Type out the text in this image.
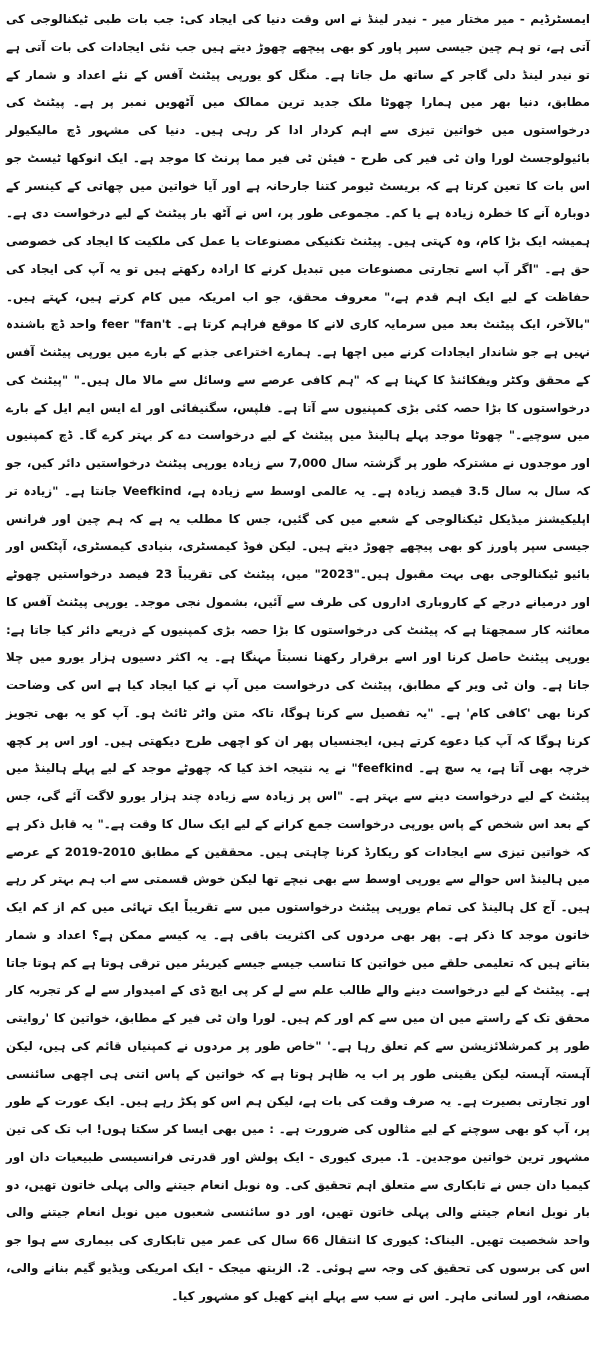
ایمسٹرڈیم - میر مختار میر - نیدر لینڈ نے اس وقت دنیا کی ایجاد کی: جب بات طبی ٹیکنالوجی کی آتی ہے، تو ہم چین جیسی سپر پاور کو بھی پیچھے چھوڑ دیتے ہیں جب نئی ایجادات کی بات آتی ہے تو نیدر لینڈ دلی گاجر کے ساتھ مل جاتا ہے۔ منگل کو یورپی پیٹنٹ آفس کے نئے اعداد و شمار کے مطابق، دنیا بھر میں ہمارا چھوٹا ملک جدید ترین ممالک میں آٹھویں نمبر پر ہے۔ پیٹنٹ کی درخواستوں میں خواتین تیزی سے اہم کردار ادا کر رہی ہیں۔ دنیا کی مشہور ڈچ مالیکیولر بائیولوجسٹ لورا وان ٹی فیر کی طرح - فیئن ٹی فیر مما پرنٹ کا موجد ہے۔ ایک انوکھا ٹیسٹ جو اس بات کا تعین کرتا ہے کہ بریسٹ ٹیومر کتنا جارحانہ ہے اور آیا خواتین میں چھاتی کے کینسر کے دوبارہ آنے کا خطرہ زیادہ ہے یا کم۔ مجموعی طور پر، اس نے آٹھ بار پیٹنٹ کے لیے درخواست دی ہے۔ ہمیشہ ایک بڑا کام، وہ کہتی ہیں۔ پیٹنٹ تکنیکی مصنوعات یا عمل کی ملکیت کا ایجاد کی خصوصی حق ہے۔ "اگر آپ اسے تجارتی مصنوعات میں تبدیل کرنے کا ارادہ رکھتے ہیں تو یہ آپ کی ایجاد کی حفاظت کے لیے ایک اہم قدم ہے،" معروف محقق، جو اب امریکہ میں کام کرتے ہیں، کہتے ہیں۔ "بالآخر، ایک پیٹنٹ بعد میں سرمایہ کاری لانے کا موقع فراہم کرتا ہے۔ feer "fan't واحد ڈچ باشندہ نہیں ہے جو شاندار ایجادات کرنے میں اچھا ہے۔ ہمارے اختراعی جذبے کے بارے میں یورپی پیٹنٹ آفس کے محقق وکٹر ویفکائنڈ کا کہنا ہے کہ "ہم کافی عرصے سے وسائل سے مالا مال ہیں۔" "پیٹنٹ کی درخواستوں کا بڑا حصہ کئی بڑی کمپنیوں سے آتا ہے۔ فلپس، سگنیفائی اور اے ایس ایم ایل کے بارے میں سوچیے۔" چھوٹا موجد پہلے ہالینڈ میں پیٹنٹ کے لیے درخواست دے کر بہتر کرے گا۔ ڈچ کمپنیوں اور موجدوں نے مشترکہ طور پر گزشتہ سال 7,000 سے زیادہ یورپی پیٹنٹ درخواستیں دائر کیں، جو کہ سال بہ سال 3.5 فیصد زیادہ ہے۔ یہ عالمی اوسط سے زیادہ ہے، Veefkind جانتا ہے۔ "زیادہ تر اپلیکیشنز میڈیکل ٹیکنالوجی کے شعبے میں کی گئیں، جس کا مطلب یہ ہے کہ ہم چین اور فرانس جیسی سپر پاورز کو بھی پیچھے چھوڑ دیتے ہیں۔ لیکن فوڈ کیمسٹری، بنیادی کیمسٹری، آپٹکس اور بائیو ٹیکنالوجی بھی بہت مقبول ہیں۔"2023" میں، پیٹنٹ کی تقریباً 23 فیصد درخواستیں چھوٹے اور درمیانے درجے کے کاروباری اداروں کی طرف سے آئیں، بشمول نجی موجد۔ یورپی پیٹنٹ آفس کا معائنہ کار سمجھتا ہے کہ پیٹنٹ کی درخواستوں کا بڑا حصہ بڑی کمپنیوں کے ذریعے دائر کیا جاتا ہے: یورپی پیٹنٹ حاصل کرنا اور اسے برقرار رکھنا نسبتاً مہنگا ہے۔ یہ اکثر دسیوں ہزار یورو میں چلا جاتا ہے۔ وان ٹی ویر کے مطابق، پیٹنٹ کی درخواست میں آپ نے کیا ایجاد کیا ہے اس کی وضاحت کرنا بھی 'کافی کام' ہے۔ "یہ تفصیل سے کرنا ہوگا، تاکہ متن واٹر ٹائٹ ہو۔ آپ کو یہ بھی تجویز کرنا ہوگا کہ آپ کیا دعوے کرتے ہیں، ایجنسیاں پھر ان کو اچھی طرح دیکھتی ہیں۔ اور اس پر کچھ خرچہ بھی آتا ہے، یہ سچ ہے۔ feefkind" نے یہ نتیجہ اخذ کیا کہ چھوٹے موجد کے لیے پہلے ہالینڈ میں پیٹنٹ کے لیے درخواست دینے سے بہتر ہے۔ "اس پر زیادہ سے زیادہ چند ہزار یورو لاگت آئے گی، جس کے بعد اس شخص کے پاس یورپی درخواست جمع کرانے کے لیے ایک سال کا وقت ہے۔" یہ قابل ذکر ہے کہ خواتین تیزی سے ایجادات کو ریکارڈ کرنا چاہتی ہیں۔ محققین کے مطابق 2010-2019 کے عرصے میں ہالینڈ اس حوالے سے یورپی اوسط سے بھی نیچے تھا لیکن خوش قسمتی سے اب ہم بہتر کر رہے ہیں۔ آج کل ہالینڈ کی تمام یورپی پیٹنٹ درخواستوں میں سے تقریباً ایک تہائی میں کم از کم ایک خاتون موجد کا ذکر ہے۔ پھر بھی مردوں کی اکثریت باقی ہے۔ یہ کیسے ممکن ہے؟ اعداد و شمار بتاتے ہیں کہ تعلیمی حلقے میں خواتین کا تناسب جیسے جیسے کیریئر میں ترقی ہوتا ہے کم ہوتا جاتا ہے۔ پیٹنٹ کے لیے درخواست دینے والے طالب علم سے لے کر پی ایچ ڈی کے امیدوار سے لے کر تجربہ کار محقق تک کے راستے میں ان میں سے کم اور کم ہیں۔ لورا وان ٹی فیر کے مطابق، خواتین کا 'روایتی طور پر کمرشلائزیشن سے کم تعلق رہا ہے۔' "خاص طور پر مردوں نے کمپنیاں قائم کی ہیں، لیکن آہستہ آہستہ لیکن یقینی طور پر اب یہ ظاہر ہوتا ہے کہ خواتین کے پاس اتنی ہی اچھی سائنسی اور تجارتی بصیرت ہے۔ یہ صرف وقت کی بات ہے، لیکن ہم اس کو پکڑ رہے ہیں۔ ایک عورت کے طور پر، آپ کو بھی سوچنے کے لیے مثالوں کی ضرورت ہے۔ : میں بھی ایسا کر سکتا ہوں! اب تک کی تین مشہور ترین خواتین موجدین۔ 1. میری کیوری - ایک پولش اور قدرتی فرانسیسی طبیعیات دان اور کیمیا دان جس نے تابکاری سے متعلق اہم تحقیق کی۔ وہ نوبل انعام جیتنے والی پہلی خاتون تھیں، دو بار نوبل انعام جیتنے والی پہلی خاتون تھیں، اور دو سائنسی شعبوں میں نوبل انعام جیتنے والی واحد شخصیت تھیں۔ الیناک: کیوری کا انتقال 66 سال کی عمر میں تابکاری کی بیماری سے ہوا جو اس کی برسوں کی تحقیق کی وجہ سے ہوئی۔ 2. الزبتھ میجک - ایک امریکی ویڈیو گیم بنانے والی، مصنفہ، اور لسانی ماہر۔ اس نے سب سے پہلے اپنے کھیل کو مشہور کیا۔
